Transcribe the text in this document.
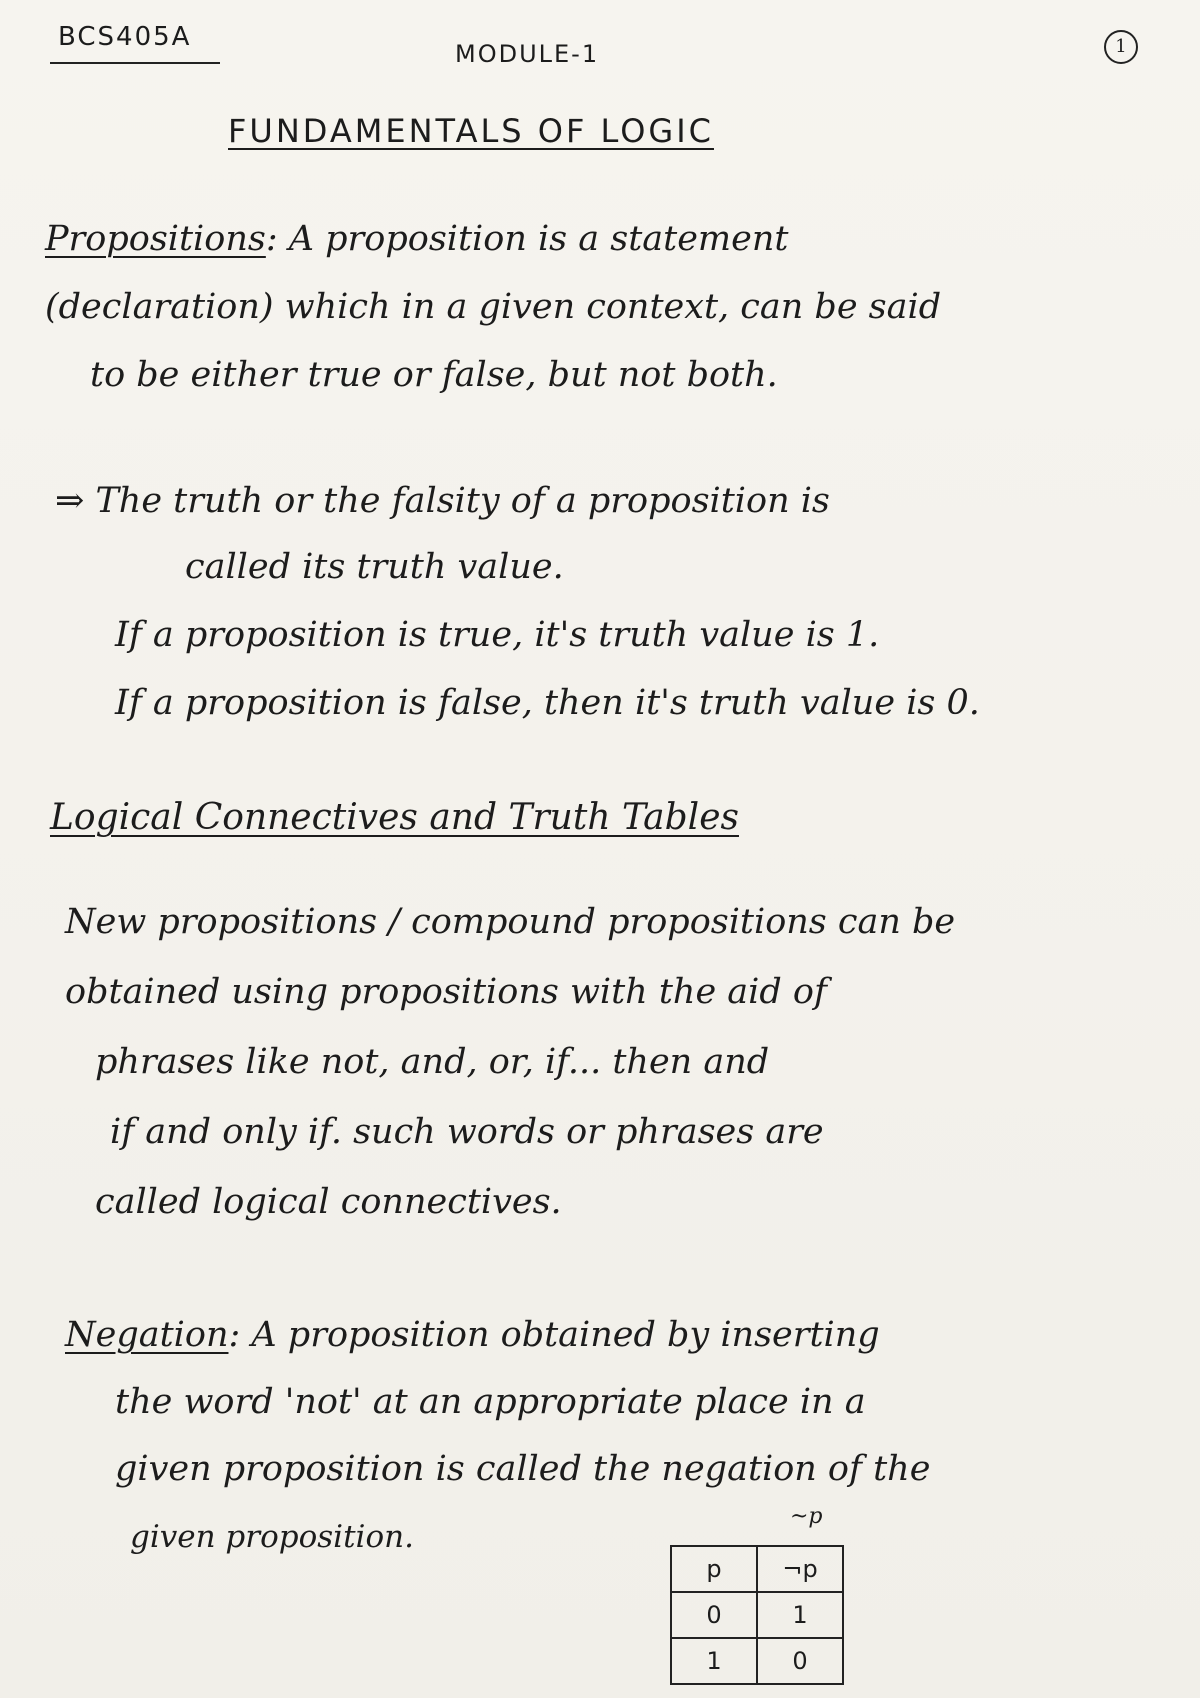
BCS405A
MODULE-1	1
FUNDAMENTALS OF LOGIC
Propositions: A proposition is a statement
(declaration) which in a given context, can be said
to be either true or false, but not both.
⇒ The truth or the falsity of a proposition is
called its truth value.
If a proposition is true, it's truth value is 1.
If a proposition is false, then it's truth value is 0.
Logical Connectives and Truth Tables
New propositions / compound propositions can be
obtained using propositions with the aid of
phrases like not, and, or, if... then and
if and only if. such words or phrases are
called logical connectives.
Negation: A proposition obtained by inserting
the word 'not' at an appropriate place in a
given proposition is called the negation of the
given proposition.
~p
p	¬p
0	1
1	0
